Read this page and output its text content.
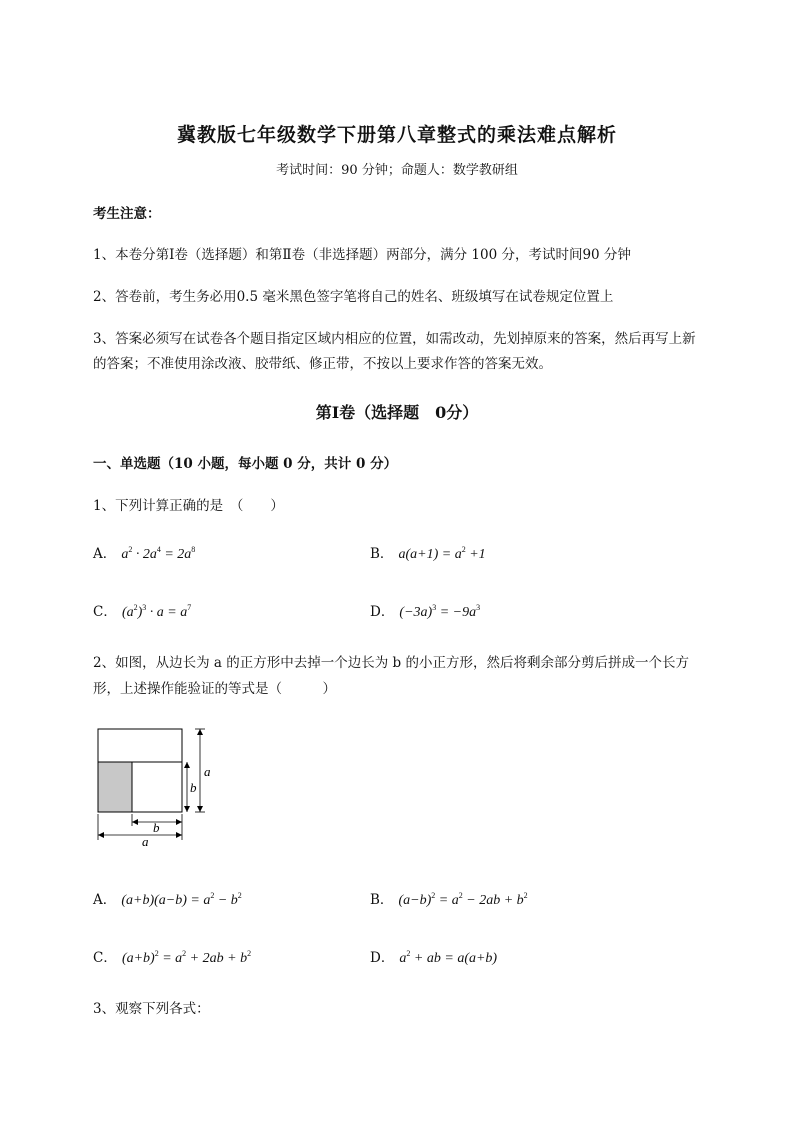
冀教版七年级数学下册第八章整式的乘法难点解析
考试时间：90 分钟；命题人：数学教研组
考生注意：
1、本卷分第Ⅰ卷（选择题）和第Ⅱ卷（非选择题）两部分，满分 100 分，考试时间90 分钟
2、答卷前，考生务必用0.5 毫米黑色签字笔将自己的姓名、班级填写在试卷规定位置上
3、答案必须写在试卷各个题目指定区域内相应的位置，如需改动，先划掉原来的答案，然后再写上新
的答案；不准使用涂改液、胶带纸、修正带，不按以上要求作答的答案无效。
第Ⅰ卷（选择题　0分）
一、单选题（10 小题，每小题 0 分，共计 0 分）
1、下列计算正确的是　（　　）
A． $a^2 \cdot 2a^4 = 2a^8$	B． $a(a+1) = a^2 +1$
C． $(a^2)^3 \cdot a = a^7$	D． $(-3a)^3 = -9a^3$
2、如图，从边长为 a 的正方形中去掉一个边长为 b 的小正方形，然后将剩余部分剪后拼成一个长方
形，上述操作能验证的等式是（　　　）
a
b
b
a
A． $(a+b)(a-b) = a^2 - b^2$	B． $(a-b)^2 = a^2 - 2ab + b^2$
C． $(a+b)^2 = a^2 + 2ab + b^2$	D． $a^2$ + ab = a(a+b)
3、观察下列各式：
